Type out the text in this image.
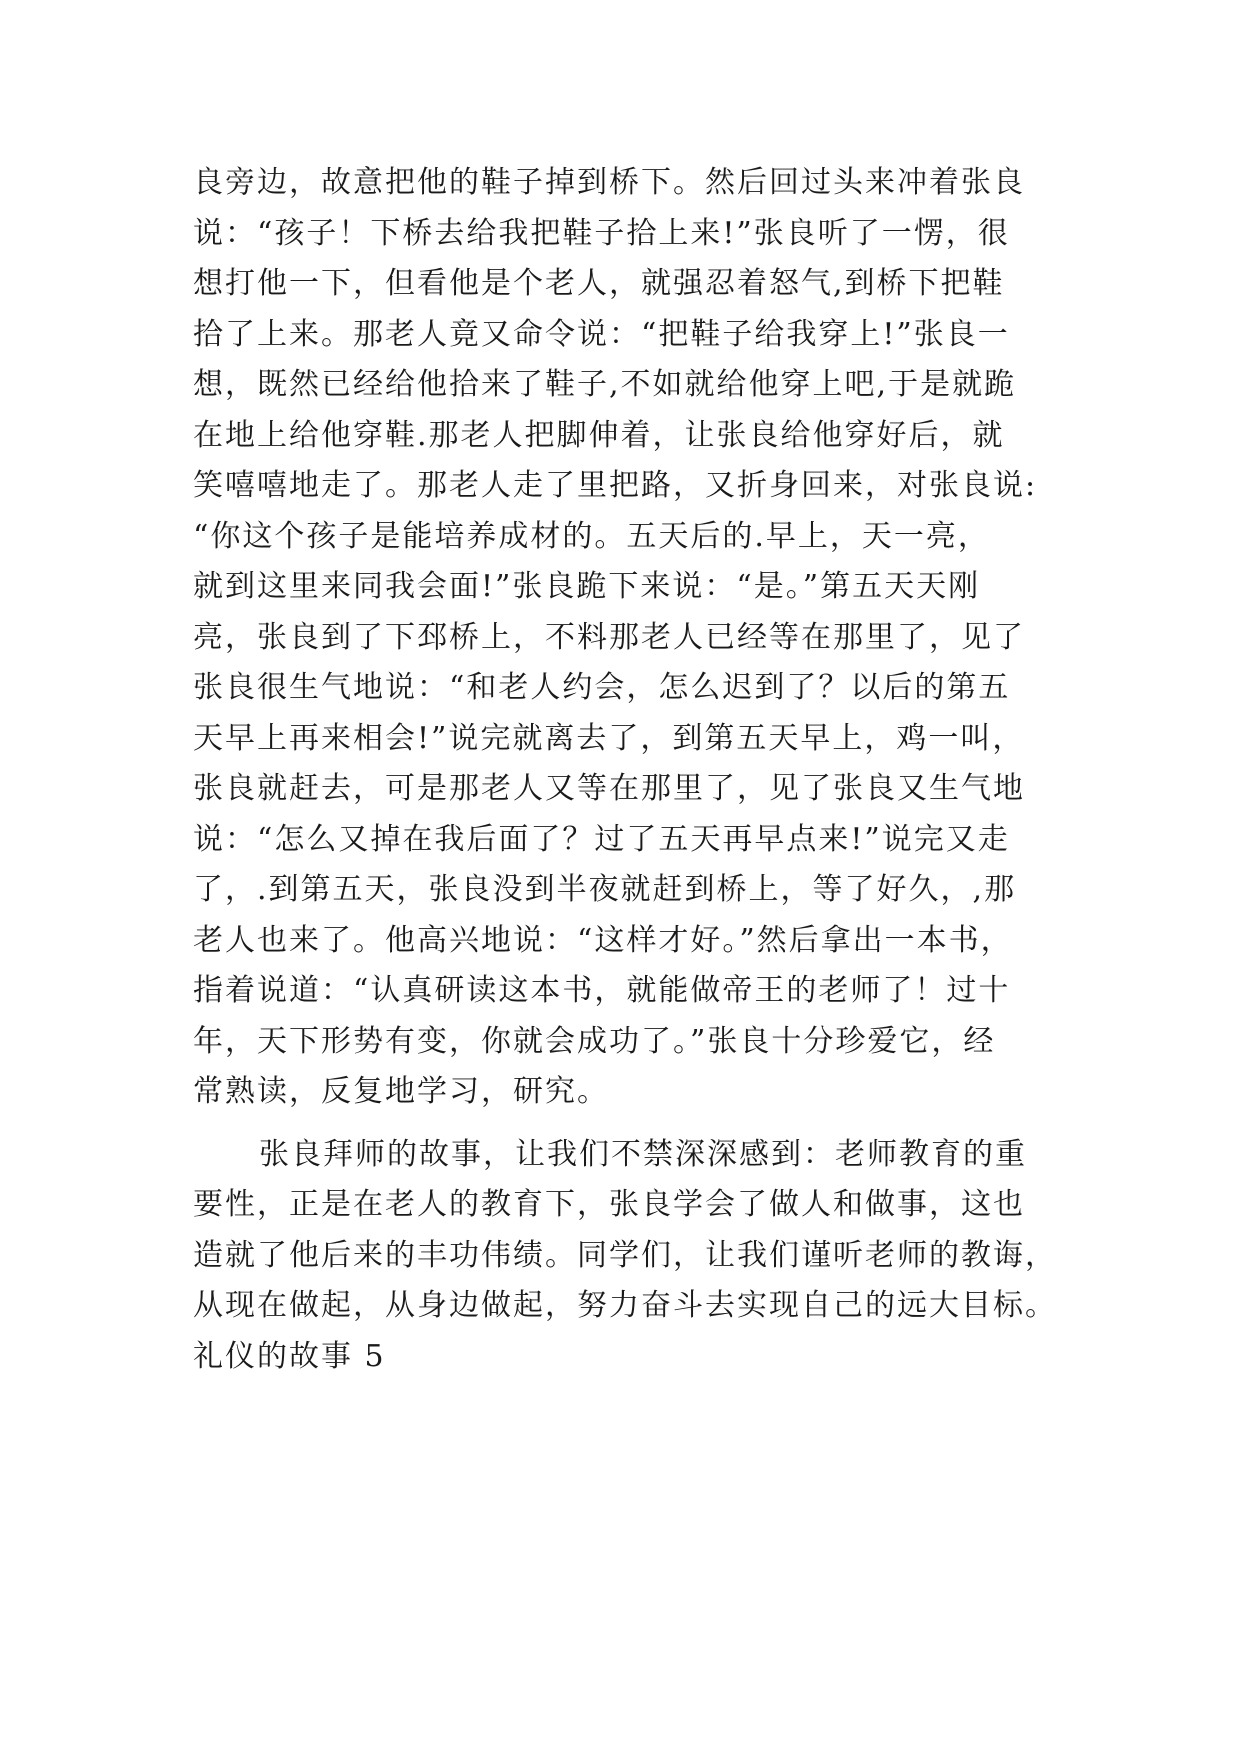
良旁边，故意把他的鞋子掉到桥下。然后回过头来冲着张良
说：“孩子！下桥去给我把鞋子拾上来!”张良听了一愣，很
想打他一下，但看他是个老人，就强忍着怒气,到桥下把鞋
拾了上来。那老人竟又命令说：“把鞋子给我穿上!”张良一
想，既然已经给他拾来了鞋子,不如就给他穿上吧,于是就跪
在地上给他穿鞋.那老人把脚伸着，让张良给他穿好后，就
笑嘻嘻地走了。那老人走了里把路，又折身回来，对张良说:
“你这个孩子是能培养成材的。五天后的.早上，天一亮，
就到这里来同我会面!”张良跪下来说：“是。”第五天天刚
亮，张良到了下邳桥上，不料那老人已经等在那里了，见了
张良很生气地说：“和老人约会，怎么迟到了？以后的第五
天早上再来相会!”说完就离去了，到第五天早上，鸡一叫，
张良就赶去，可是那老人又等在那里了，见了张良又生气地
说：“怎么又掉在我后面了？过了五天再早点来!”说完又走
了，.到第五天，张良没到半夜就赶到桥上，等了好久，,那
老人也来了。他高兴地说：“这样才好。”然后拿出一本书，
指着说道：“认真研读这本书，就能做帝王的老师了！过十
年，天下形势有变，你就会成功了。”张良十分珍爱它，经
常熟读，反复地学习，研究。
张良拜师的故事，让我们不禁深深感到：老师教育的重
要性，正是在老人的教育下，张良学会了做人和做事，这也
造就了他后来的丰功伟绩。同学们，让我们谨听老师的教诲，
从现在做起，从身边做起，努力奋斗去实现自己的远大目标。
礼仪的故事 5
